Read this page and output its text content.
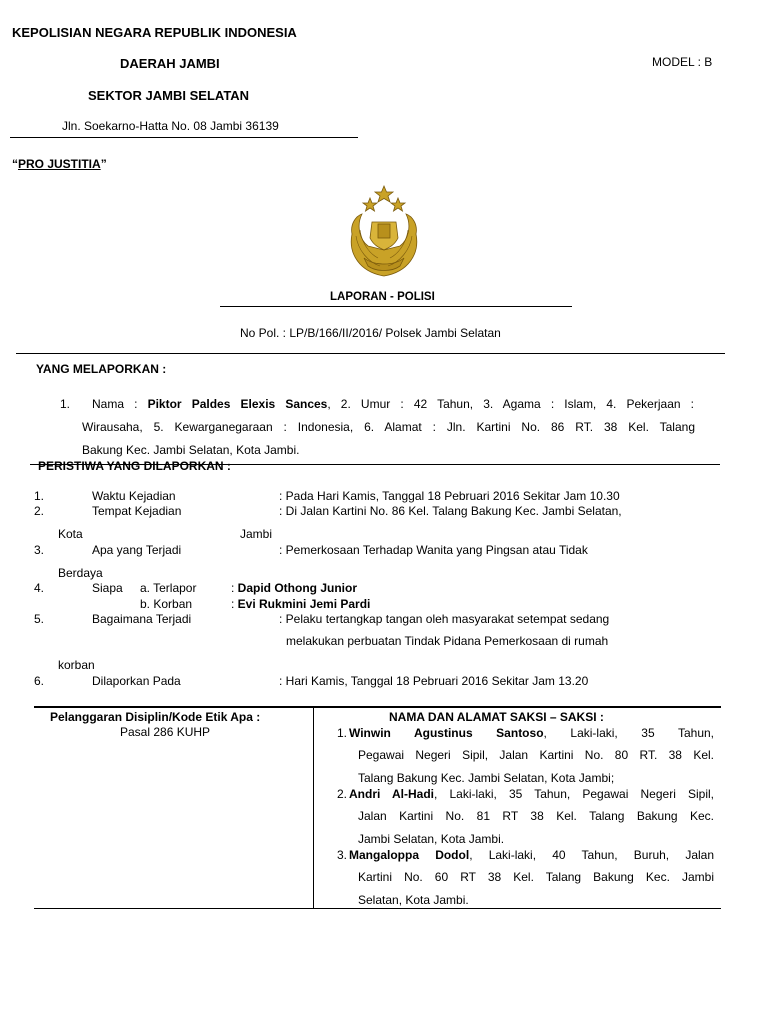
KEPOLISIAN NEGARA REPUBLIK INDONESIA
DAERAH JAMBI
SEKTOR JAMBI SELATAN
Jln. Soekarno-Hatta No. 08 Jambi 36139
MODEL : B
“PRO JUSTITIA”
LAPORAN - POLISI
No Pol. : LP/B/166/II/2016/ Polsek Jambi Selatan
YANG MELAPORKAN :
1. Nama : Piktor Paldes Elexis Sances, 2. Umur : 42 Tahun, 3. Agama : Islam, 4. Pekerjaan :
Wirausaha, 5. Kewarganegaraan : Indonesia, 6. Alamat : Jln. Kartini No. 86 RT. 38 Kel. Talang
Bakung Kec. Jambi Selatan, Kota Jambi.
PERISTIWA YANG DILAPORKAN :
1.	Waktu Kejadian	: Pada Hari Kamis, Tanggal 18 Pebruari 2016 Sekitar Jam 10.30
2.	Tempat Kejadian	: Di Jalan Kartini No. 86 Kel. Talang Bakung Kec. Jambi Selatan,
Kota	Jambi
3.	Apa yang Terjadi	: Pemerkosaan Terhadap Wanita yang Pingsan atau Tidak
Berdaya
4.	Siapa a. Terlapor	: Dapid Othong Junior
b. Korban	: Evi Rukmini Jemi Pardi
5.	Bagaimana Terjadi	: Pelaku tertangkap tangan oleh masyarakat setempat sedang
melakukan perbuatan Tindak Pidana Pemerkosaan di rumah
korban
6.	Dilaporkan Pada	: Hari Kamis, Tanggal 18 Pebruari 2016 Sekitar Jam 13.20
Pelanggaran Disiplin/Kode Etik Apa :
Pasal 286 KUHP
NAMA DAN ALAMAT SAKSI – SAKSI :
1. Winwin Agustinus Santoso, Laki-laki, 35 Tahun,
Pegawai Negeri Sipil, Jalan Kartini No. 80 RT. 38 Kel.
Talang Bakung Kec. Jambi Selatan, Kota Jambi;
2. Andri Al-Hadi, Laki-laki, 35 Tahun, Pegawai Negeri Sipil,
Jalan Kartini No. 81 RT 38 Kel. Talang Bakung Kec.
Jambi Selatan, Kota Jambi.
3. Mangaloppa Dodol, Laki-laki, 40 Tahun, Buruh, Jalan
Kartini No. 60 RT 38 Kel. Talang Bakung Kec. Jambi
Selatan, Kota Jambi.
